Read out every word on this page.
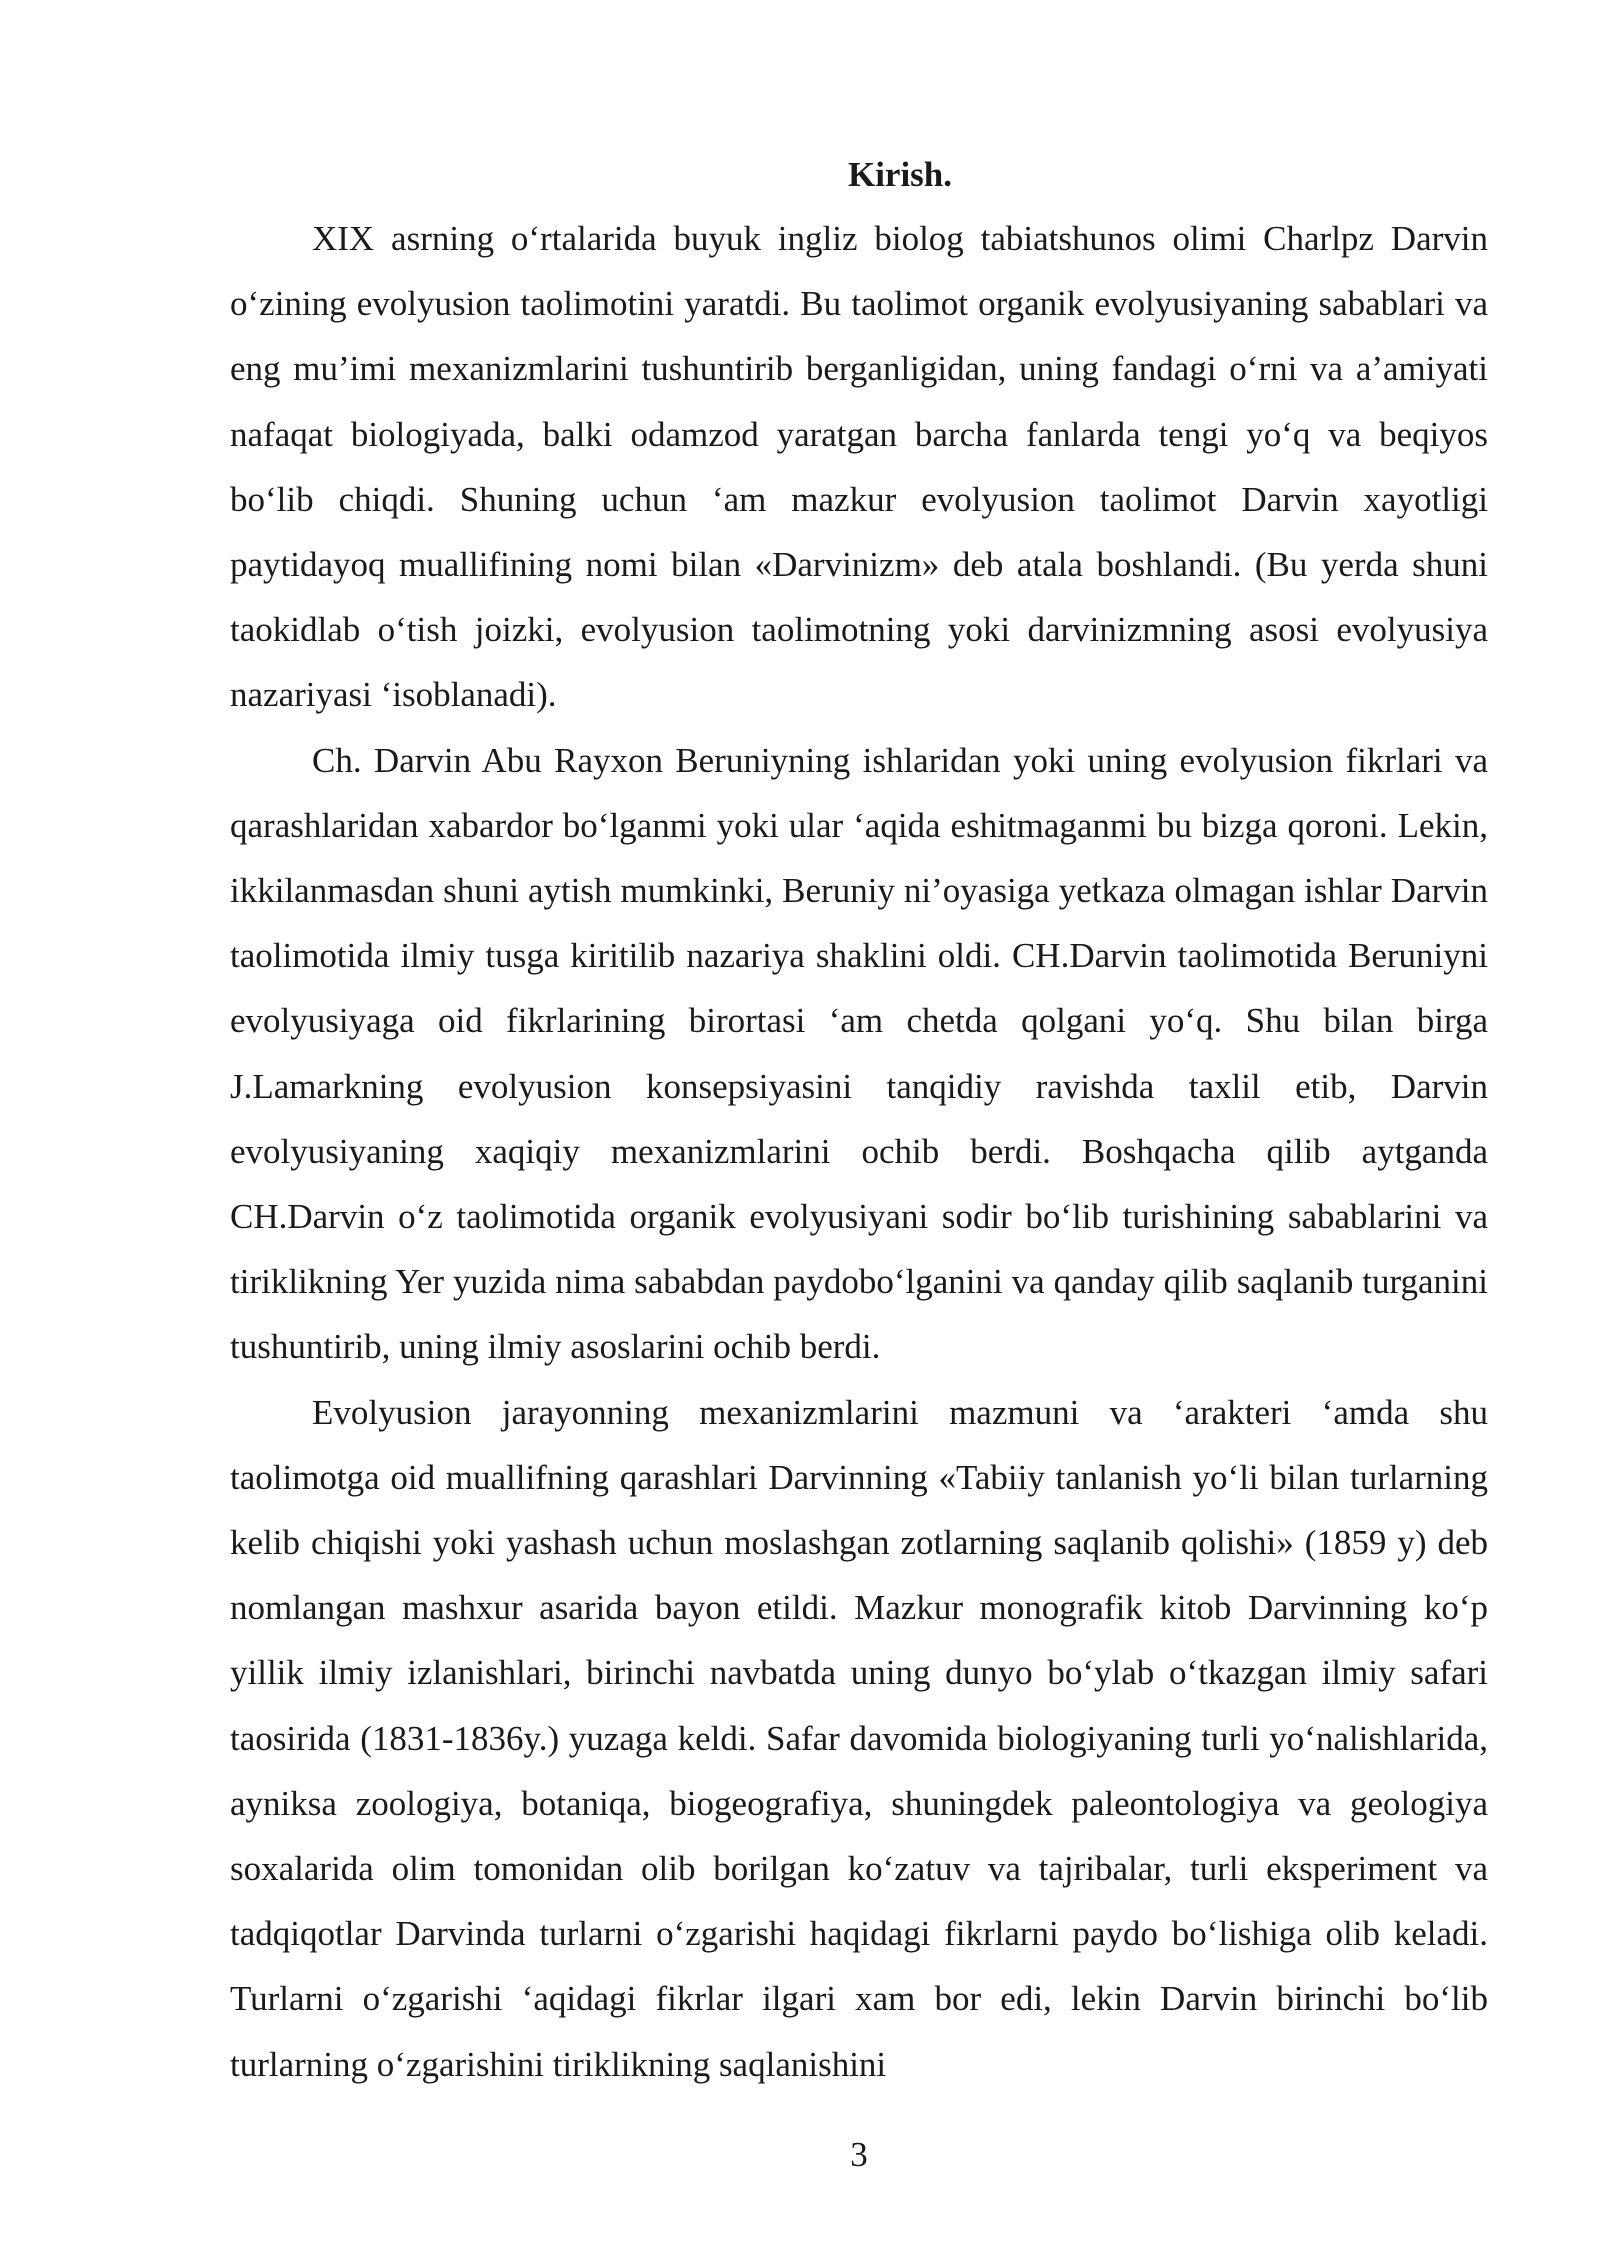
Kirish.

XIX asrning o‘rtalarida buyuk ingliz biolog tabiatshunos olimi Charlpz Darvin o‘zining evolyusion taolimotini yaratdi. Bu taolimot organik evolyusiyaning sabablari va eng mu’imi mexanizmlarini tushuntirib berganligidan, uning fandagi o‘rni va a’amiyati nafaqat biologiyada, balki odamzod yaratgan barcha fanlarda tengi yo‘q va beqiyos bo‘lib chiqdi. Shuning uchun ‘am mazkur evolyusion taolimot Darvin xayotligi paytidayoq muallifining nomi bilan «Darvinizm» deb atala boshlandi. (Bu yerda shuni taokidlab o‘tish joizki, evolyusion taolimotning yoki darvinizmning asosi evolyusiya nazariyasi ‘isoblanadi).

Ch. Darvin Abu Rayxon Beruniyning ishlaridan yoki uning evolyusion fikrlari va qarashlaridan xabardor bo‘lganmi yoki ular ‘aqida eshitmaganmi bu bizga qoroni. Lekin, ikkilanmasdan shuni aytish mumkinki, Beruniy ni’oyasiga yetkaza olmagan ishlar Darvin taolimotida ilmiy tusga kiritilib nazariya shaklini oldi. CH.Darvin taolimotida Beruniyni evolyusiyaga oid fikrlarining birortasi ‘am chetda qolgani yo‘q. Shu bilan birga J.Lamarkning evolyusion konsepsiyasini tanqidiy ravishda taxlil etib, Darvin evolyusiyaning xaqiqiy mexanizmlarini ochib berdi. Boshqacha qilib aytganda CH.Darvin o‘z taolimotida organik evolyusiyani sodir bo‘lib turishining sabablarini va tiriklikning Yer yuzida nima sababdan paydobo‘lganini va qanday qilib saqlanib turganini tushuntirib, uning ilmiy asoslarini ochib berdi.

Evolyusion jarayonning mexanizmlarini mazmuni va ‘arakteri ‘amda shu taolimotga oid muallifning qarashlari Darvinning «Tabiiy tanlanish yo‘li bilan turlarning kelib chiqishi yoki yashash uchun moslashgan zotlarning saqlanib qolishi» (1859 y) deb nomlangan mashxur asarida bayon etildi. Mazkur monografik kitob Darvinning ko‘p yillik ilmiy izlanishlari, birinchi navbatda uning dunyo bo‘ylab o‘tkazgan ilmiy safari taosirida (1831-1836y.) yuzaga keldi. Safar davomida biologiyaning turli yo‘nalishlarida, ayniksa zoologiya, botaniqa, biogeografiya, shuningdek paleontologiya va geologiya soxalarida olim tomonidan olib borilgan ko‘zatuv va tajribalar, turli eksperiment va tadqiqotlar Darvinda turlarni o‘zgarishi haqidagi fikrlarni paydo bo‘lishiga olib keladi. Turlarni o‘zgarishi ‘aqidagi fikrlar ilgari xam bor edi, lekin Darvin birinchi bo‘lib turlarning o‘zgarishini tiriklikning saqlanishini

3
